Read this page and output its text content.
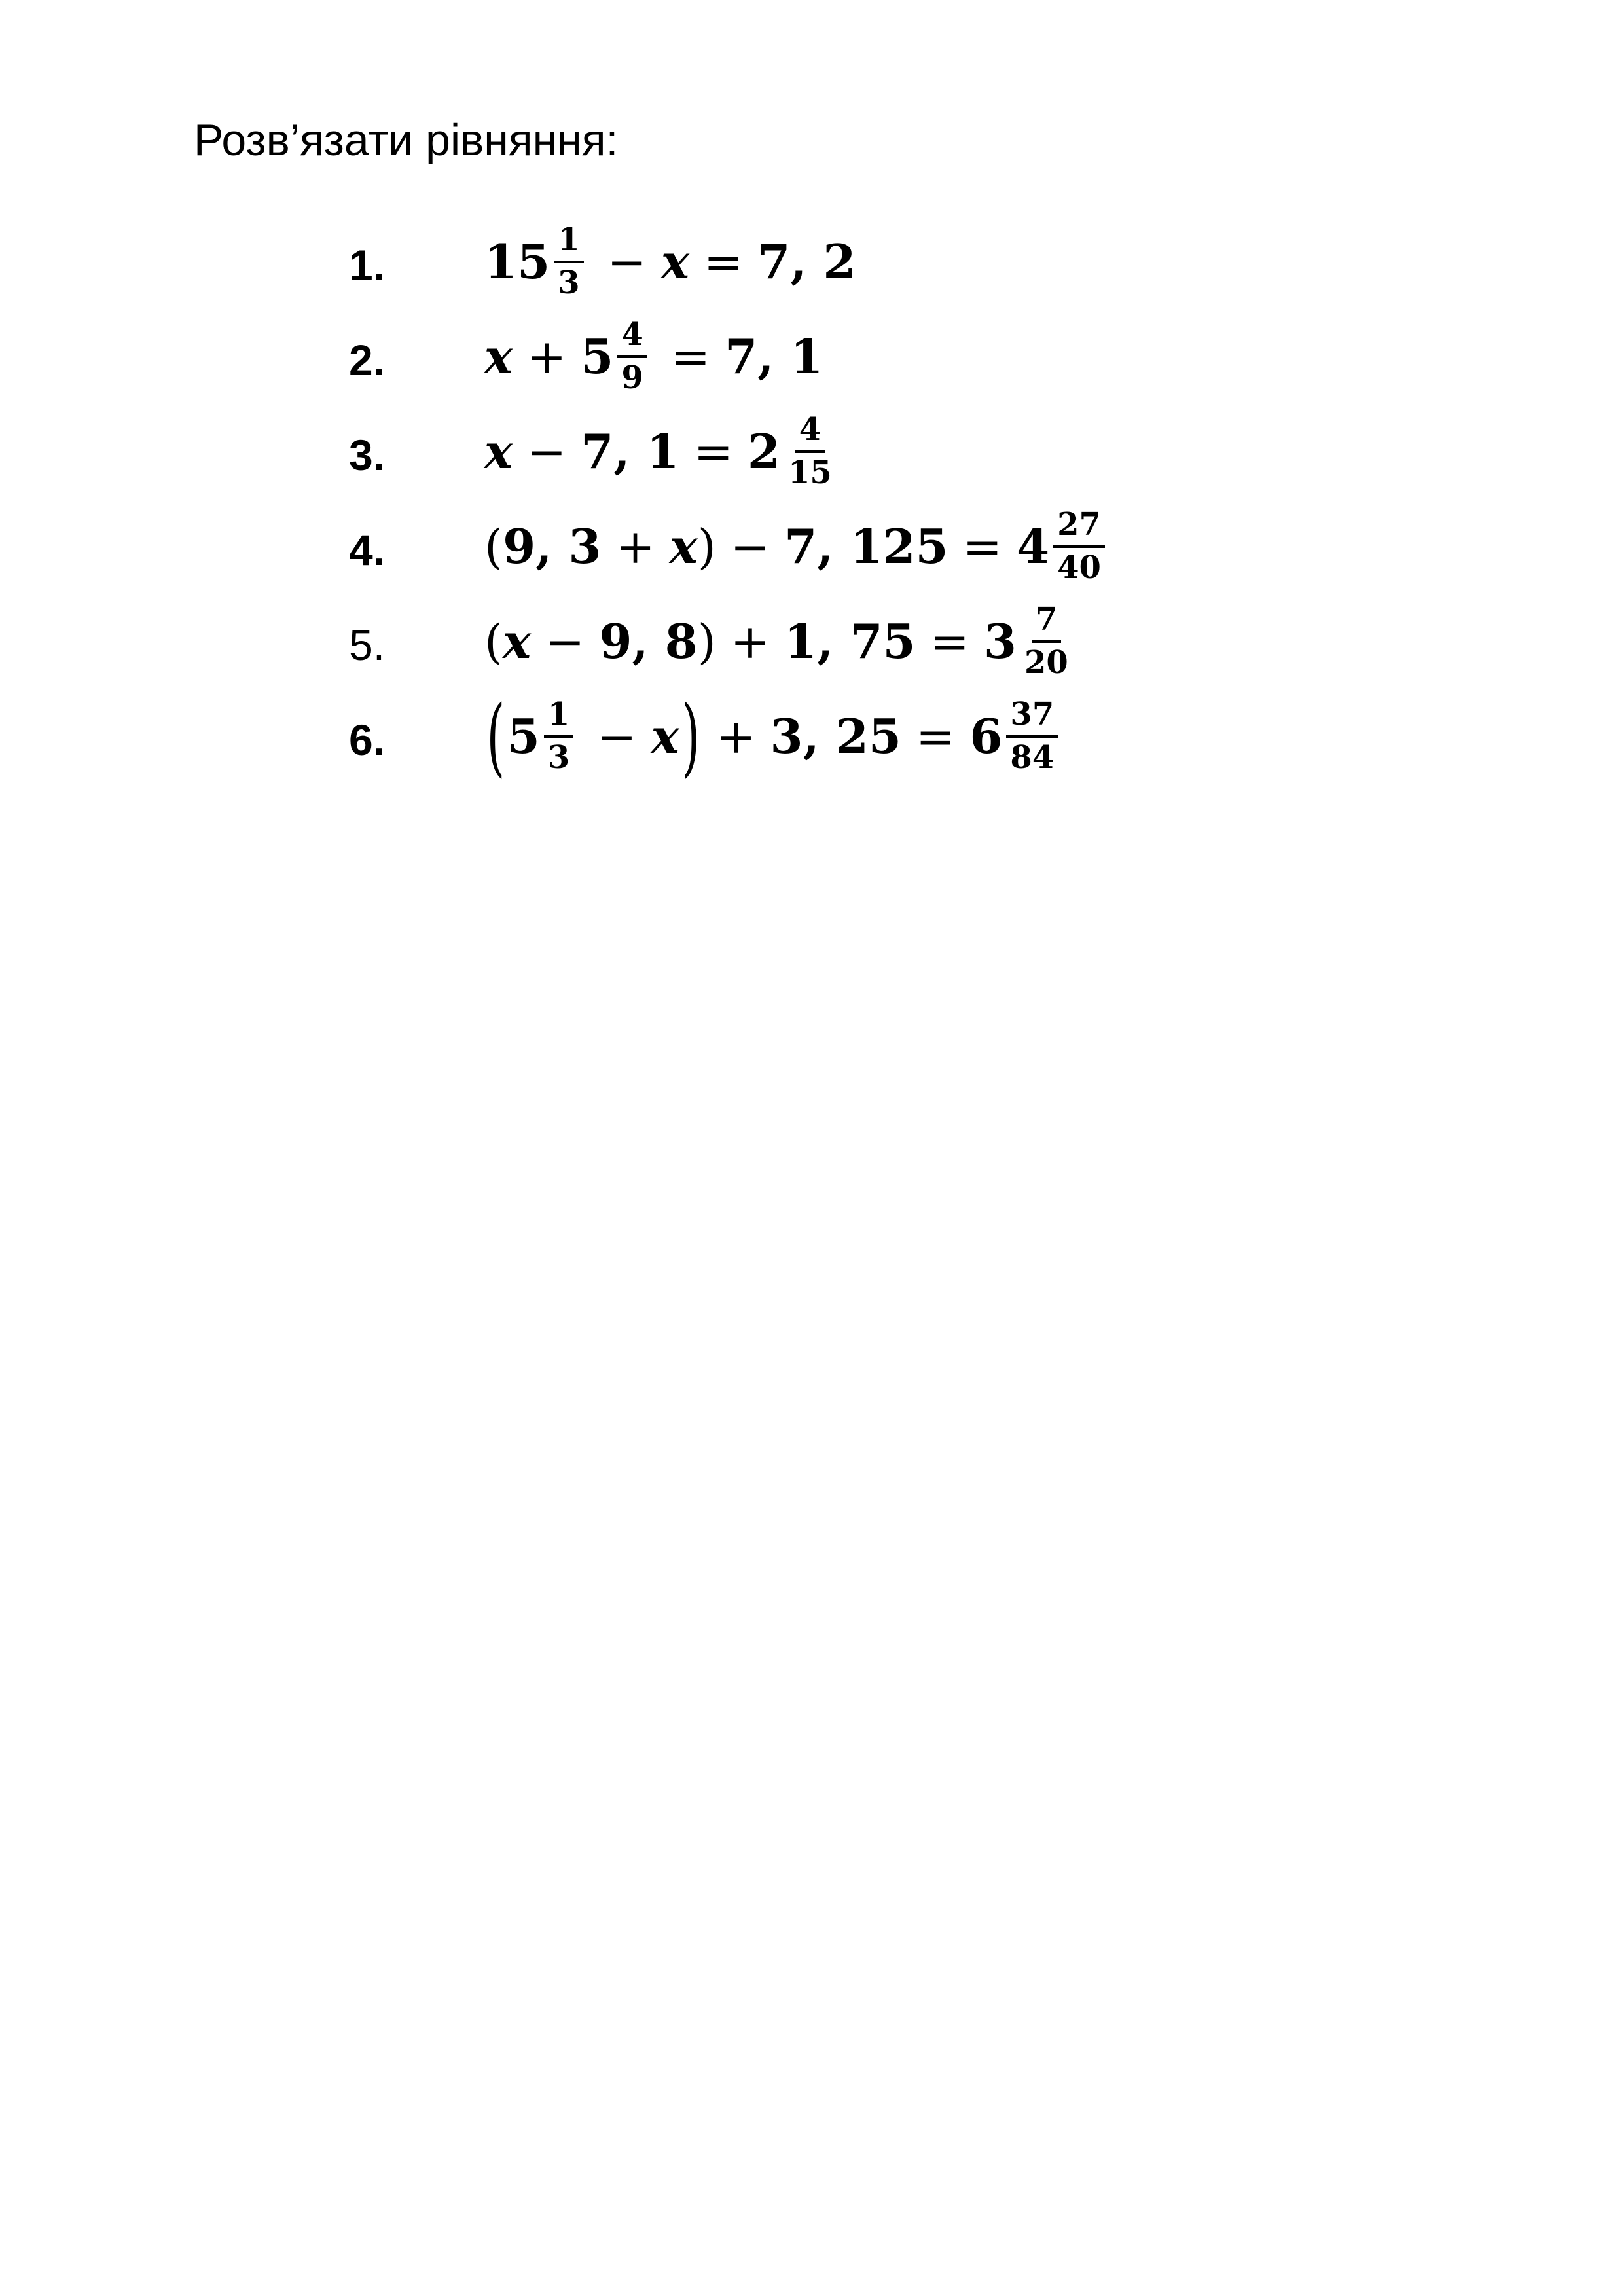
Розв’язати рівняння:
1. $15 \frac{1}{3} - x = 7$, 2
2. $x + 5 \frac{4}{9} = 7$, 1
3. x − 7, $1 = 2 \frac{4}{15}$
4. ( 9, 3 + x ) − 7, $125 = 4 \frac{27}{40}$
5. ( x − 9, 8 ) + 1, $75 = 3 \frac{7}{20}$
6. ( $5 \frac{1}{3} - x$ ) + 3, $25 = 6 \frac{37}{84}$
